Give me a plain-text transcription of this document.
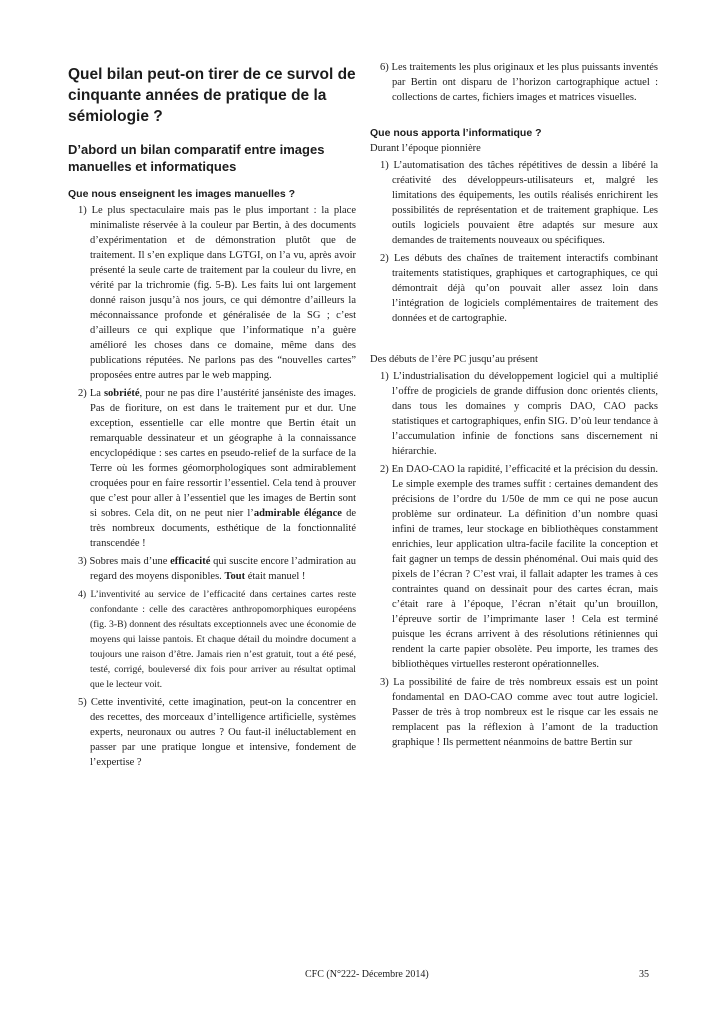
Quel bilan peut-on tirer de ce survol de cinquante années de pratique de la sémiologie ?
D’abord un bilan comparatif entre images manuelles et informatiques
Que nous enseignent les images manuelles ?

1) Le plus spectaculaire mais pas le plus important : la place minimaliste réservée à la couleur par Bertin, à des documents d’expérimentation et de démonstration plutôt que de traitement. Il s’en explique dans LGTGI, on l’a vu, après avoir présenté la seule carte de traitement par la couleur du livre, en vérité par la trichromie (fig. 5-B). Les faits lui ont largement donné raison jusqu’à nos jours, ce qui démontre d’ailleurs la méconnaissance profonde et généralisée de la SG ; c’est d’ailleurs ce qui explique que l’informatique n’a guère amélioré les choses dans ce domaine, même dans des publications réputées. Ne parlons pas des “nouvelles cartes” proposées entre autres par le web mapping.

2) La sobriété, pour ne pas dire l’austérité janséniste des images. Pas de fioriture, on est dans le traitement pur et dur. Une exception, essentielle car elle montre que Bertin était un remarquable dessinateur et un géographe à la connaissance encyclopédique : ses cartes en pseudo-relief de la surface de la Terre où les formes géomorphologiques sont admirablement croquées pour en faire ressortir l’essentiel. Cela tend à prouver que c’est pour aller à l’essentiel que les images de Bertin sont si sobres. Cela dit, on ne peut nier l’admirable élégance de très nombreux documents, esthétique de la fonctionnalité transcendée !

3) Sobres mais d’une efficacité qui suscite encore l’admiration au regard des moyens disponibles. Tout était manuel !

4) L’inventivité au service de l’efficacité dans certaines cartes reste confondante : celle des caractères anthropomorphiques européens (fig. 3-B) donnent des résultats exceptionnels avec une économie de moyens qui laisse pantois. Et chaque détail du moindre document a toujours une raison d’être. Jamais rien n’est gratuit, tout a été pesé, testé, corrigé, bouleversé dix fois pour arriver au résultat optimal que le lecteur voit.

5) Cette inventivité, cette imagination, peut-on la concentrer en des recettes, des morceaux d’intelligence artificielle, systèmes experts, neuronaux ou autres ? Ou faut-il inéluctablement en passer par une pratique longue et intensive, fondement de l’expertise ?

6) Les traitements les plus originaux et les plus puissants inventés par Bertin ont disparu de l’horizon cartographique actuel : collections de cartes, fichiers images et matrices visuelles.

Que nous apporta l’informatique ?

Durant l’époque pionnière

1) L’automatisation des tâches répétitives de dessin a libéré la créativité des développeurs-utilisateurs et, malgré les limitations des équipements, les outils réalisés enrichirent les possibilités de représentation et de traitement graphique. Les outils logiciels pouvaient être adaptés sur mesure aux demandes de traitements nouveaux ou spécifiques.

2) Les débuts des chaînes de traitement interactifs combinant traitements statistiques, graphiques et cartographiques, ce qui démontrait déjà qu’on pouvait aller assez loin dans l’intégration de logiciels complémentaires de traitement des données et de cartographie.

Des débuts de l’ère PC jusqu’au présent

1) L’industrialisation du développement logiciel qui a multiplié l’offre de progiciels de grande diffusion donc orientés clients, dans tous les domaines y compris DAO, CAO packs statistiques et cartographiques, enfin SIG. D’où leur tendance à l’accumulation infinie de fonctions sans discernement ni hiérarchie.

2) En DAO-CAO la rapidité, l’efficacité et la précision du dessin. Le simple exemple des trames suffit : certaines demandent des précisions de l’ordre du 1/50e de mm ce qui ne pose aucun problème sur ordinateur. La définition d’un nombre quasi infini de trames, leur stockage en bibliothèques constamment enrichies, leur application ultra-facile facilite la conception et fait gagner un temps de dessin phénoménal. Oui mais quid des pixels de l’écran ? C’est vrai, il fallait adapter les trames à ces contraintes quand on dessinait pour des cartes écran, mais c’était rare à l’époque, l’écran n’était qu’un brouillon, l’épreuve sortir de l’imprimante laser ! Cela est terminé puisque les écrans arrivent à des résolutions rétiniennes qui rendent la carte papier obsolète. Peu importe, les trames des bibliothèques virtuelles resteront opérationnelles.

3) La possibilité de faire de très nombreux essais est un point fondamental en DAO-CAO comme avec tout autre logiciel. Passer de très à trop nombreux est le risque car les essais ne remplacent pas la réflexion à l’amont de la traduction graphique ! Ils permettent néanmoins de battre Bertin sur

CFC (N°222- Décembre 2014)	35
